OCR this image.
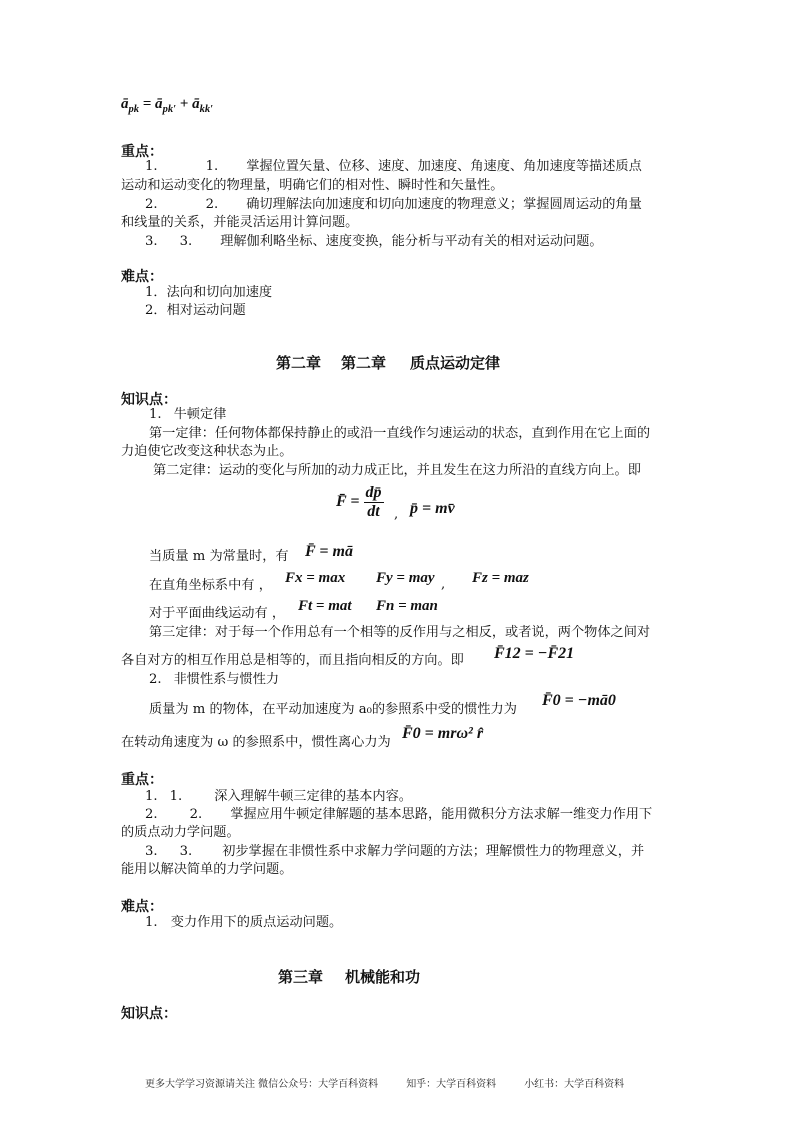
$ā_{pk}$ = $ā_{pk'}$ + $ā_{kk'}$
重点：
1.	1. 掌握位置矢量、位移、速度、加速度、角速度、角加速度等描述质点
运动和运动变化的物理量，明确它们的相对性、瞬时性和矢量性。
2.	2. 确切理解法向加速度和切向加速度的物理意义；掌握圆周运动的角量
和线量的关系，并能灵活运用计算问题。
3. 3. 理解伽利略坐标、速度变换，能分析与平动有关的相对运动问题。
难点：
1．法向和切向加速度
2．相对运动问题
第二章 第二章 质点运动定律
知识点：
1. 牛顿定律
第一定律：任何物体都保持静止的或沿一直线作匀速运动的状态，直到作用在它上面的
力迫使它改变这种状态为止。
第二定律：运动的变化与所加的动力成正比，并且发生在这力所沿的直线方向上。即
F̄ = $\frac{dp̄}{dt}$ , p̄ = mv̄
当质量 m 为常量时，有 F̄ = mā
在直角坐标系中有 ， Fx = max Fy = may , Fz = maz
对于平面曲线运动有 ， Ft = mat Fn = man
第三定律：对于每一个作用总有一个相等的反作用与之相反，或者说，两个物体之间对
各自对方的相互作用总是相等的，而且指向相反的方向。即 F̄12 = −F̄21
2. 非惯性系与惯性力
质量为 m 的物体，在平动加速度为 a₀的参照系中受的惯性力为
F̄0 = −mā0
在转动角速度为 ω 的参照系中，惯性离心力为
F̄0 = mrω² r̂
重点：
1. 1. 深入理解牛顿三定律的基本内容。
2. 2. 掌握应用牛顿定律解题的基本思路，能用微积分方法求解一维变力作用下
的质点动力学问题。
3. 3. 初步掌握在非惯性系中求解力学问题的方法；理解惯性力的物理意义，并
能用以解决简单的力学问题。
难点：
1.　变力作用下的质点运动问题。
第三章 机械能和功
知识点：
更多大学学习资源请关注 微信公众号：大学百科资料	知乎：大学百科资料	小红书：大学百科资料
